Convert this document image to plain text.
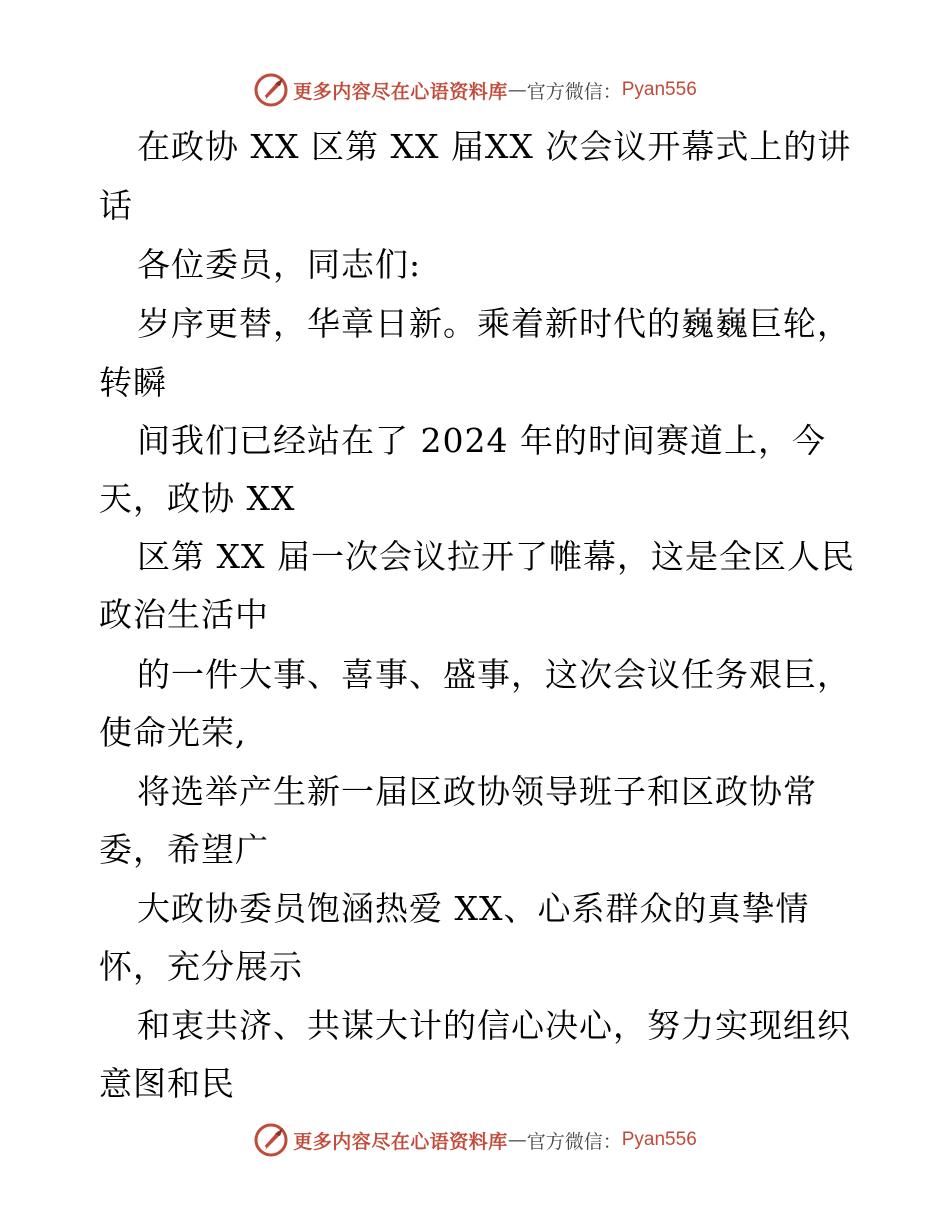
更多内容尽在心语资料库 — 官方微信： Pyan556
在政协 XX 区第 XX 届XX 次会议开幕式上的讲
话
各位委员，同志们:
岁序更替，华章日新。乘着新时代的巍巍巨轮，
转瞬
间我们已经站在了 2024 年的时间赛道上，今
天，政协 XX
区第 XX 届一次会议拉开了帷幕，这是全区人民
政治生活中
的一件大事、喜事、盛事，这次会议任务艰巨，
使命光荣,
将选举产生新一届区政协领导班子和区政协常
委，希望广
大政协委员饱涵热爱 XX、心系群众的真挚情
怀，充分展示
和衷共济、共谋大计的信心决心，努力实现组织
意图和民
更多内容尽在心语资料库 — 官方微信： Pyan556
